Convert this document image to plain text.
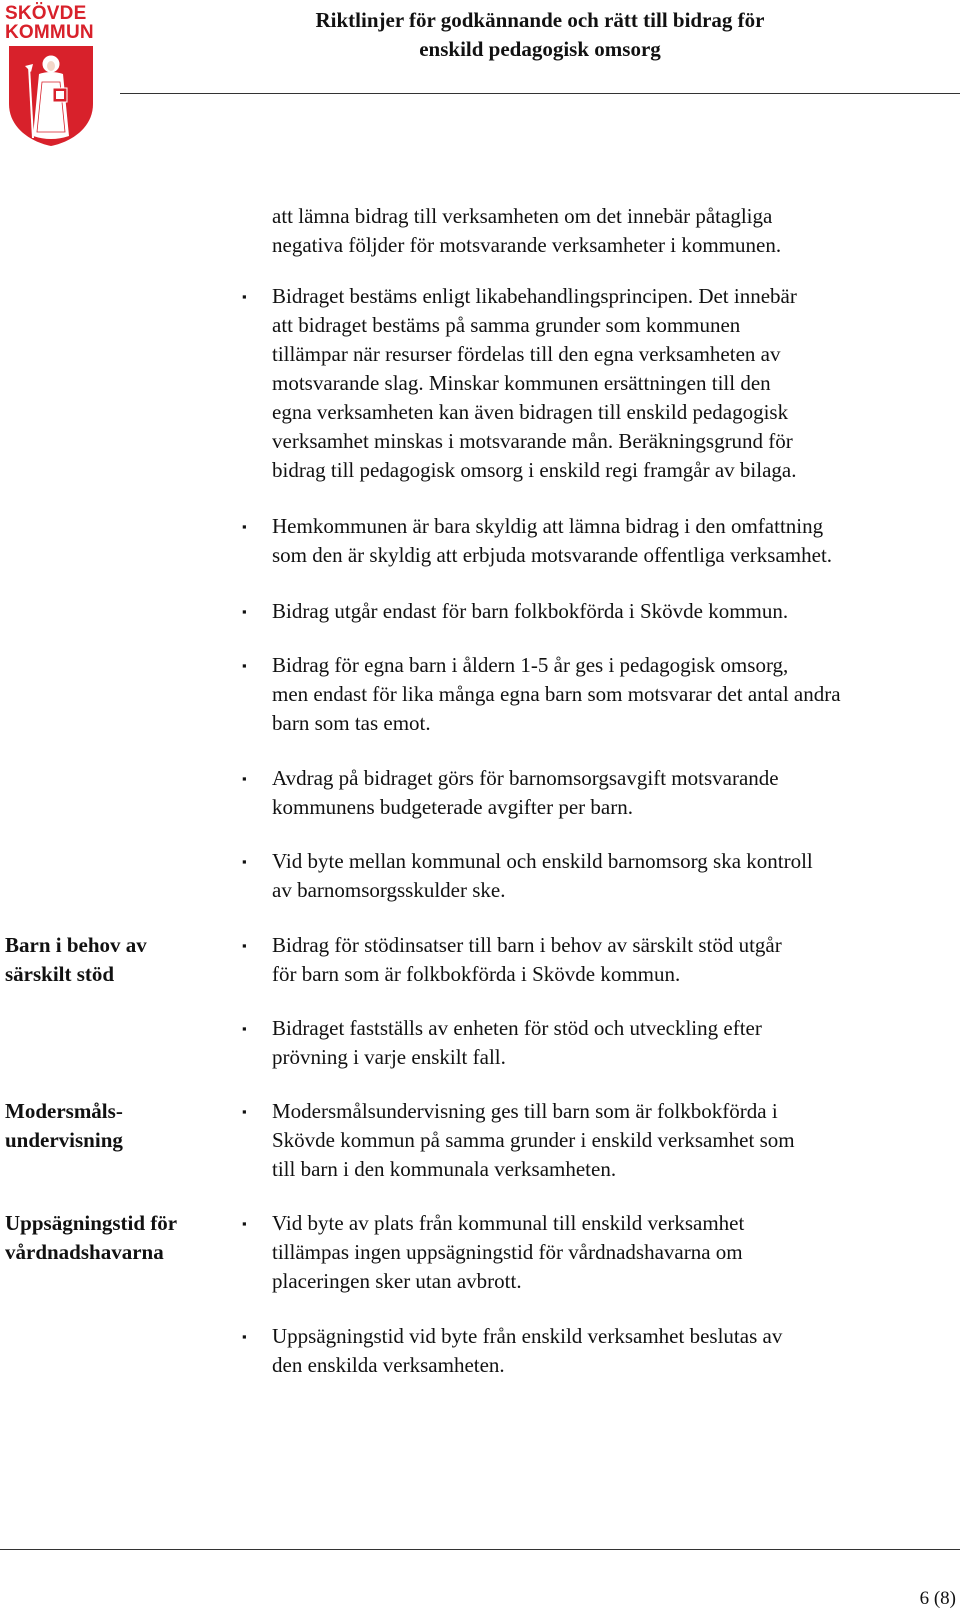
SKÖVDE
KOMMUN
Riktlinjer för godkännande och rätt till bidrag för
enskild pedagogisk omsorg
att lämna bidrag till verksamheten om det innebär påtagliga
negativa följder för motsvarande verksamheter i kommunen.
▪ Bidraget bestäms enligt likabehandlingsprincipen. Det innebär
att bidraget bestäms på samma grunder som kommunen
tillämpar när resurser fördelas till den egna verksamheten av
motsvarande slag. Minskar kommunen ersättningen till den
egna verksamheten kan även bidragen till enskild pedagogisk
verksamhet minskas i motsvarande mån. Beräkningsgrund för
bidrag till pedagogisk omsorg i enskild regi framgår av bilaga.
▪ Hemkommunen är bara skyldig att lämna bidrag i den omfattning
som den är skyldig att erbjuda motsvarande offentliga verksamhet.
▪ Bidrag utgår endast för barn folkbokförda i Skövde kommun.
▪ Bidrag för egna barn i åldern 1-5 år ges i pedagogisk omsorg,
men endast för lika många egna barn som motsvarar det antal andra
barn som tas emot.
▪ Avdrag på bidraget görs för barnomsorgsavgift motsvarande
kommunens budgeterade avgifter per barn.
▪ Vid byte mellan kommunal och enskild barnomsorg ska kontroll
av barnomsorgsskulder ske.
Barn i behov av
särskilt stöd
▪ Bidrag för stödinsatser till barn i behov av särskilt stöd utgår
för barn som är folkbokförda i Skövde kommun.
▪ Bidraget fastställs av enheten för stöd och utveckling efter
prövning i varje enskilt fall.
Modersmåls-
undervisning
▪ Modersmålsundervisning ges till barn som är folkbokförda i
Skövde kommun på samma grunder i enskild verksamhet som
till barn i den kommunala verksamheten.
Uppsägningstid för
vårdnadshavarna
▪ Vid byte av plats från kommunal till enskild verksamhet
tillämpas ingen uppsägningstid för vårdnadshavarna om
placeringen sker utan avbrott.
▪ Uppsägningstid vid byte från enskild verksamhet beslutas av
den enskilda verksamheten.
6 (8)
